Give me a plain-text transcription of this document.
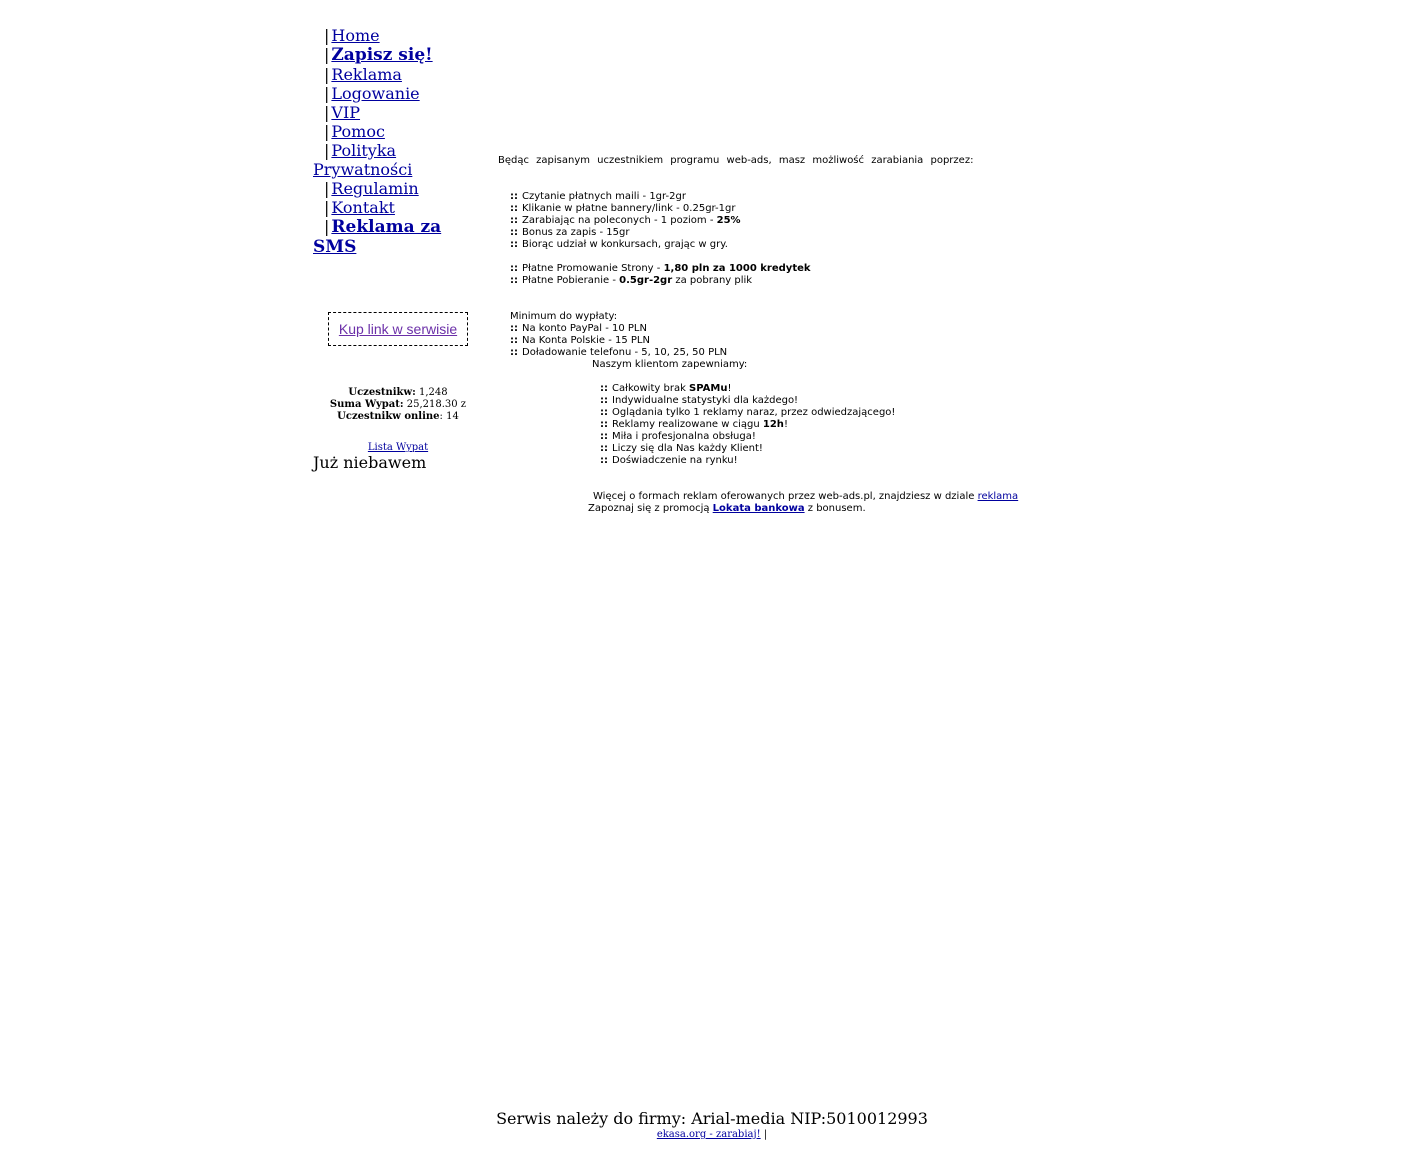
| Home
| Zapisz się!
| Reklama
| Logowanie
| VIP
| Pomoc
| Polityka Prywatności
| Regulamin
| Kontakt
| Reklama za SMS
Kup link w serwisie
Uczestnikw: 1,248
Suma Wypat: 25,218.30 z
Uczestnikw online: 14
Lista Wypat
Już niebawem
Będąc zapisanym uczestnikiem programu web-ads, masz możliwość zarabiania poprzez:
:: Czytanie płatnych maili - 1gr-2gr
:: Klikanie w płatne bannery/link - 0.25gr-1gr
:: Zarabiając na poleconych - 1 poziom - 25%
:: Bonus za zapis - 15gr
:: Biorąc udział w konkursach, grając w gry.
:: Płatne Promowanie Strony - 1,80 pln za 1000 kredytek
:: Płatne Pobieranie - 0.5gr-2gr za pobrany plik
Minimum do wypłaty:
:: Na konto PayPal - 10 PLN
:: Na Konta Polskie - 15 PLN
:: Doładowanie telefonu - 5, 10, 25, 50 PLN
Naszym klientom zapewniamy:
:: Całkowity brak SPAMu!
:: Indywidualne statystyki dla każdego!
:: Oglądania tylko 1 reklamy naraz, przez odwiedzającego!
:: Reklamy realizowane w ciągu 12h!
:: Miła i profesjonalna obsługa!
:: Liczy się dla Nas każdy Klient!
:: Doświadczenie na rynku!
Więcej o formach reklam oferowanych przez web-ads.pl, znajdziesz w dziale reklama
Zapoznaj się z promocją Lokata bankowa z bonusem.
Serwis należy do firmy: Arial-media NIP:5010012993
ekasa.org - zarabiaj! |
